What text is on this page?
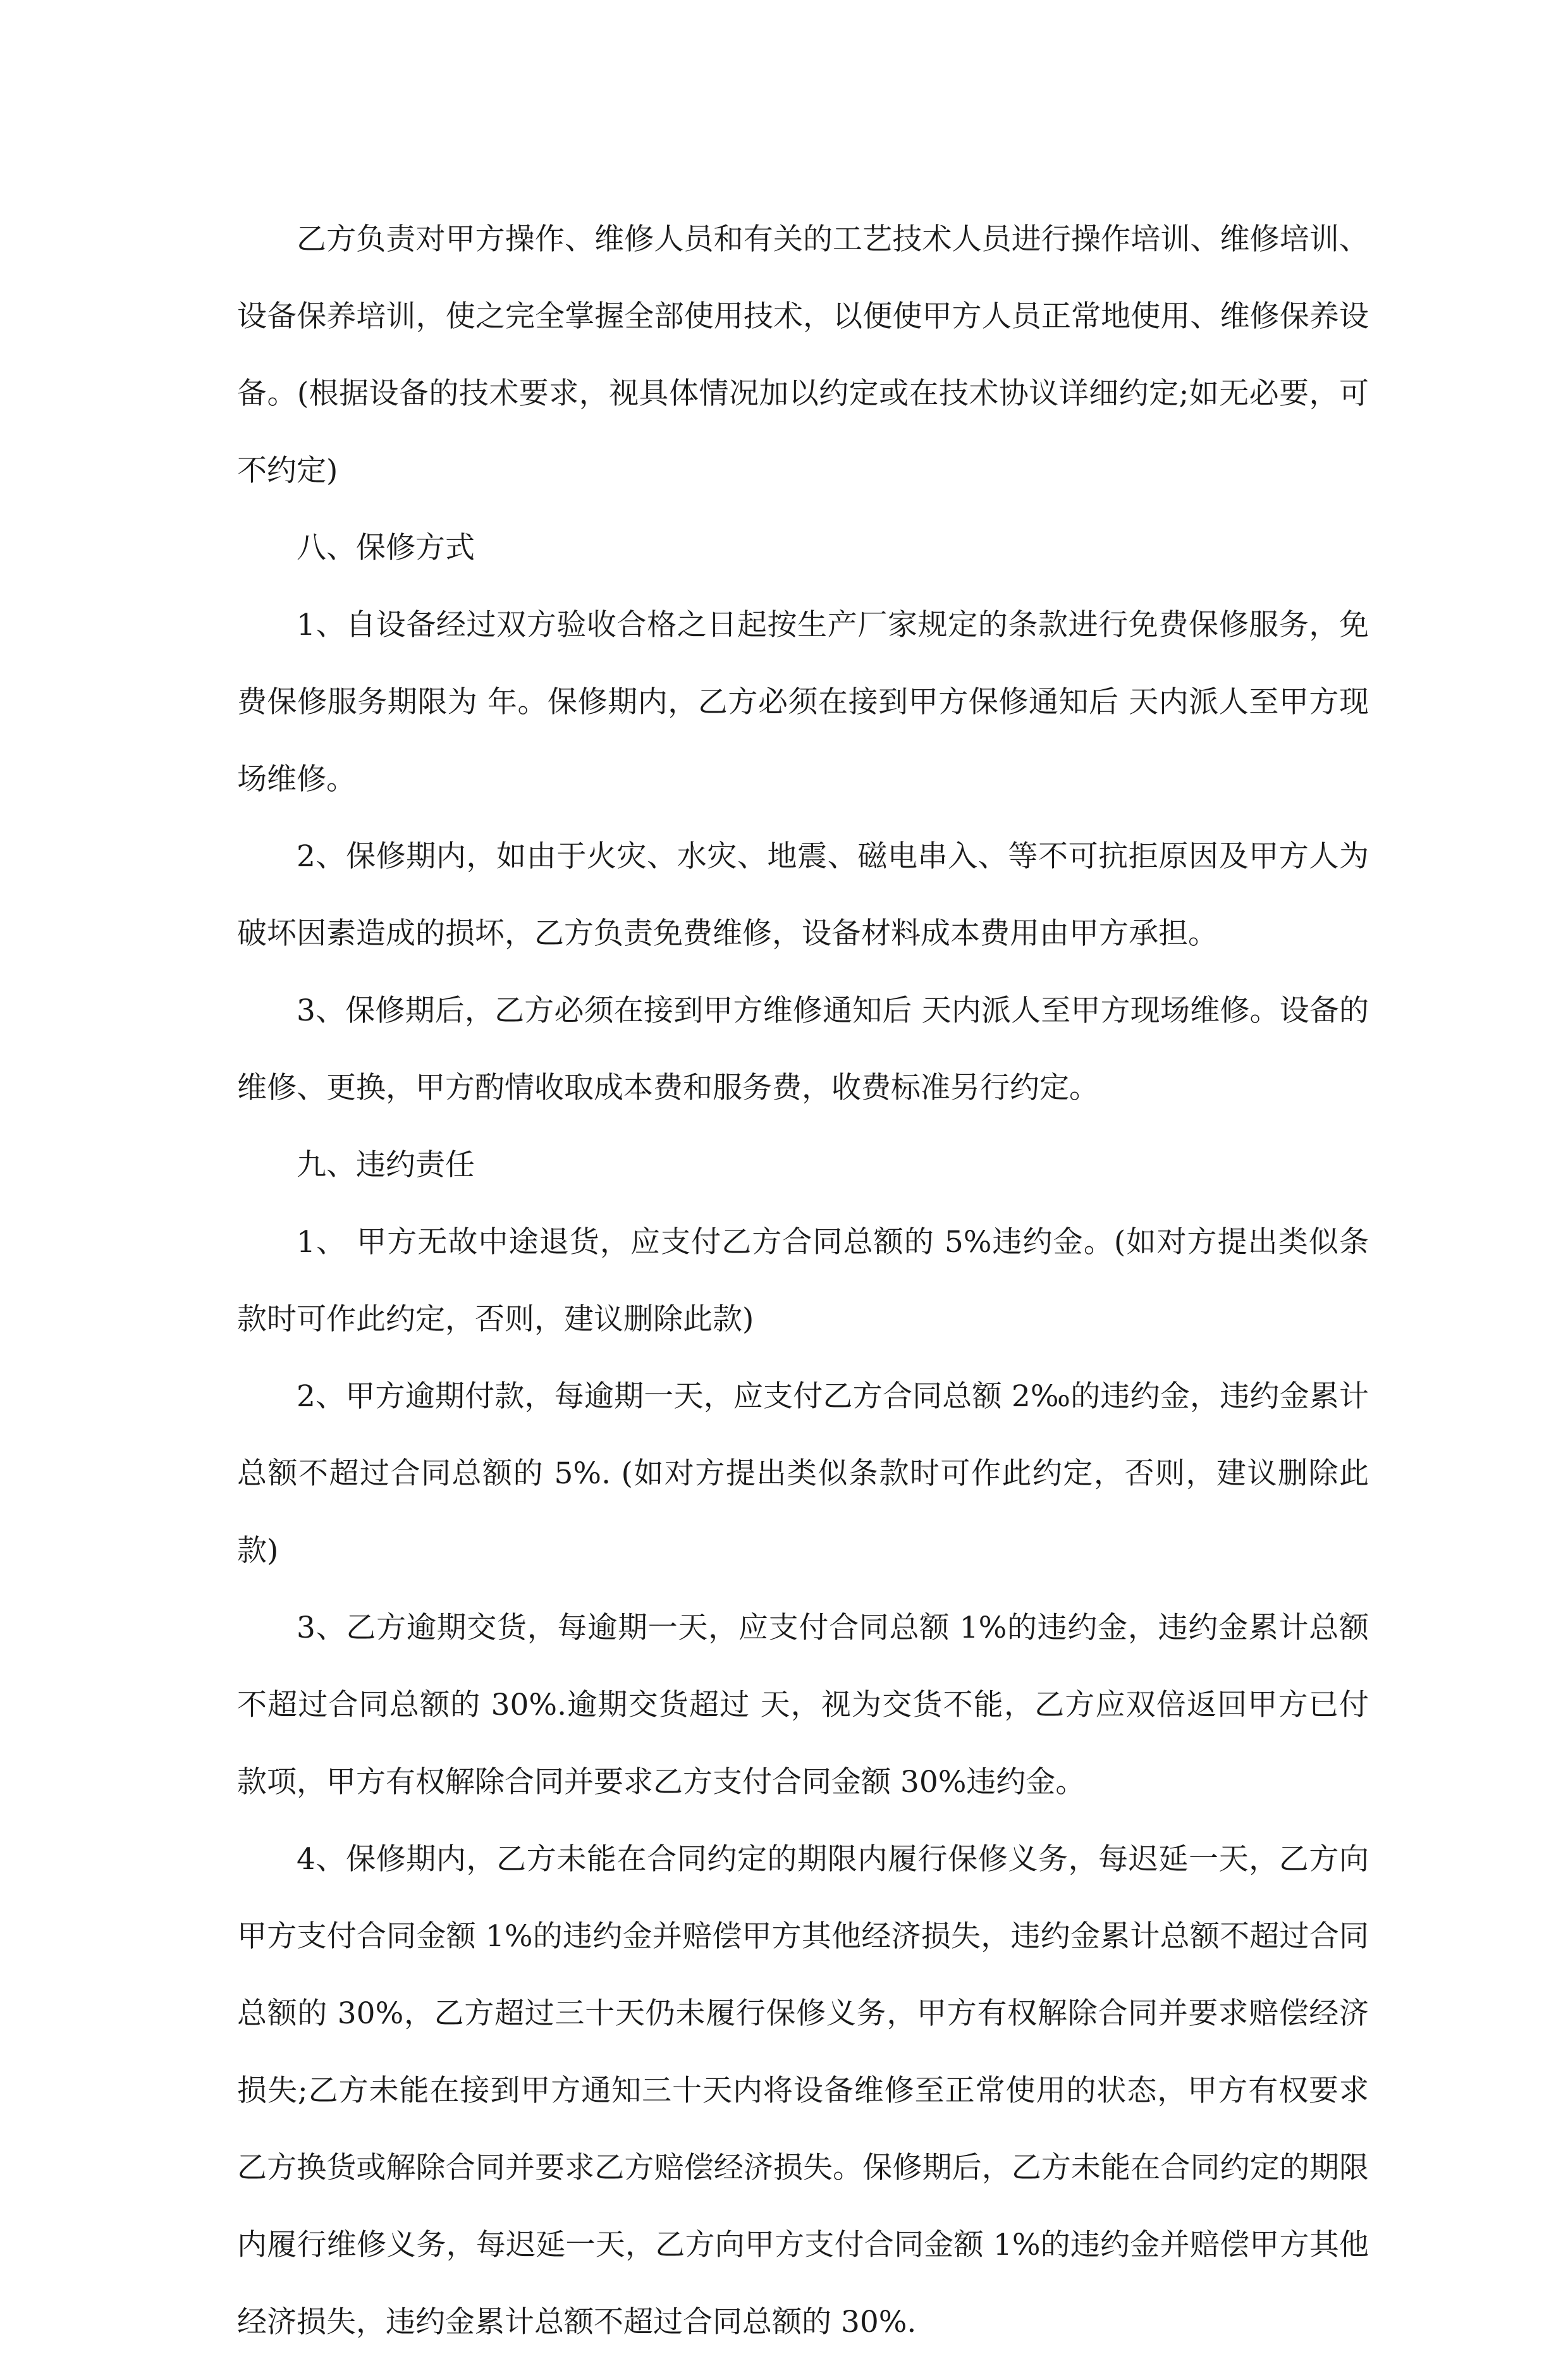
乙方负责对甲方操作、维修人员和有关的工艺技术人员进行操作培训、维修培训、设备保养培训，使之完全掌握全部使用技术，以便使甲方人员正常地使用、维修保养设备。(根据设备的技术要求，视具体情况加以约定或在技术协议详细约定;如无必要，可不约定)

八、保修方式

1、自设备经过双方验收合格之日起按生产厂家规定的条款进行免费保修服务，免费保修服务期限为 年。保修期内，乙方必须在接到甲方保修通知后 天内派人至甲方现场维修。

2、保修期内，如由于火灾、水灾、地震、磁电串入、等不可抗拒原因及甲方人为破坏因素造成的损坏，乙方负责免费维修，设备材料成本费用由甲方承担。

3、保修期后，乙方必须在接到甲方维修通知后 天内派人至甲方现场维修。设备的维修、更换，甲方酌情收取成本费和服务费，收费标准另行约定。

九、违约责任

1、 甲方无故中途退货，应支付乙方合同总额的 5%违约金。(如对方提出类似条款时可作此约定，否则，建议删除此款)

2、甲方逾期付款，每逾期一天，应支付乙方合同总额 2‰的违约金，违约金累计总额不超过合同总额的 5%. (如对方提出类似条款时可作此约定，否则，建议删除此款)

3、乙方逾期交货，每逾期一天，应支付合同总额 1%的违约金，违约金累计总额不超过合同总额的 30%.逾期交货超过 天，视为交货不能，乙方应双倍返回甲方已付款项，甲方有权解除合同并要求乙方支付合同金额 30%违约金。

4、保修期内，乙方未能在合同约定的期限内履行保修义务，每迟延一天，乙方向甲方支付合同金额 1%的违约金并赔偿甲方其他经济损失，违约金累计总额不超过合同总额的 30%，乙方超过三十天仍未履行保修义务，甲方有权解除合同并要求赔偿经济损失;乙方未能在接到甲方通知三十天内将设备维修至正常使用的状态，甲方有权要求乙方换货或解除合同并要求乙方赔偿经济损失。保修期后，乙方未能在合同约定的期限内履行维修义务，每迟延一天，乙方向甲方支付合同金额 1%的违约金并赔偿甲方其他经济损失，违约金累计总额不超过合同总额的 30%.
